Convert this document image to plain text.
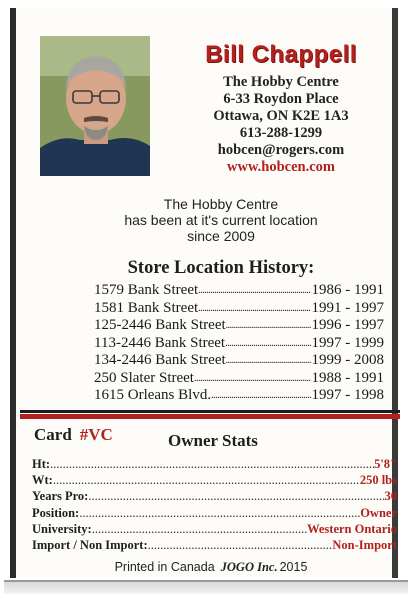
Bill Chappell
The Hobby Centre
6-33 Roydon Place
Ottawa, ON K2E 1A3
613-288-1299
hobcen@rogers.com
www.hobcen.com
The Hobby Centre
has been at it's current location
since 2009
Store Location History:
1579 Bank Street .....	1986 - 1991
1581 Bank Street .....	1991 - 1997
125-2446 Bank Street .....	1996 - 1997
113-2446 Bank Street .....	1997 - 1999
134-2446 Bank Street .....	1999 - 2008
250 Slater Street .....	1988 - 1991
1615 Orleans Blvd. .....	1997 - 1998
Card #VC	Owner Stats
Ht: .....	5'8"
Wt: .....	250 lbs
Years Pro: .....	30
Position: .....	Owner
University: .....	Western Ontario
Import / Non Import: .....	Non-Import
Printed in Canada JOGO Inc. 2015
